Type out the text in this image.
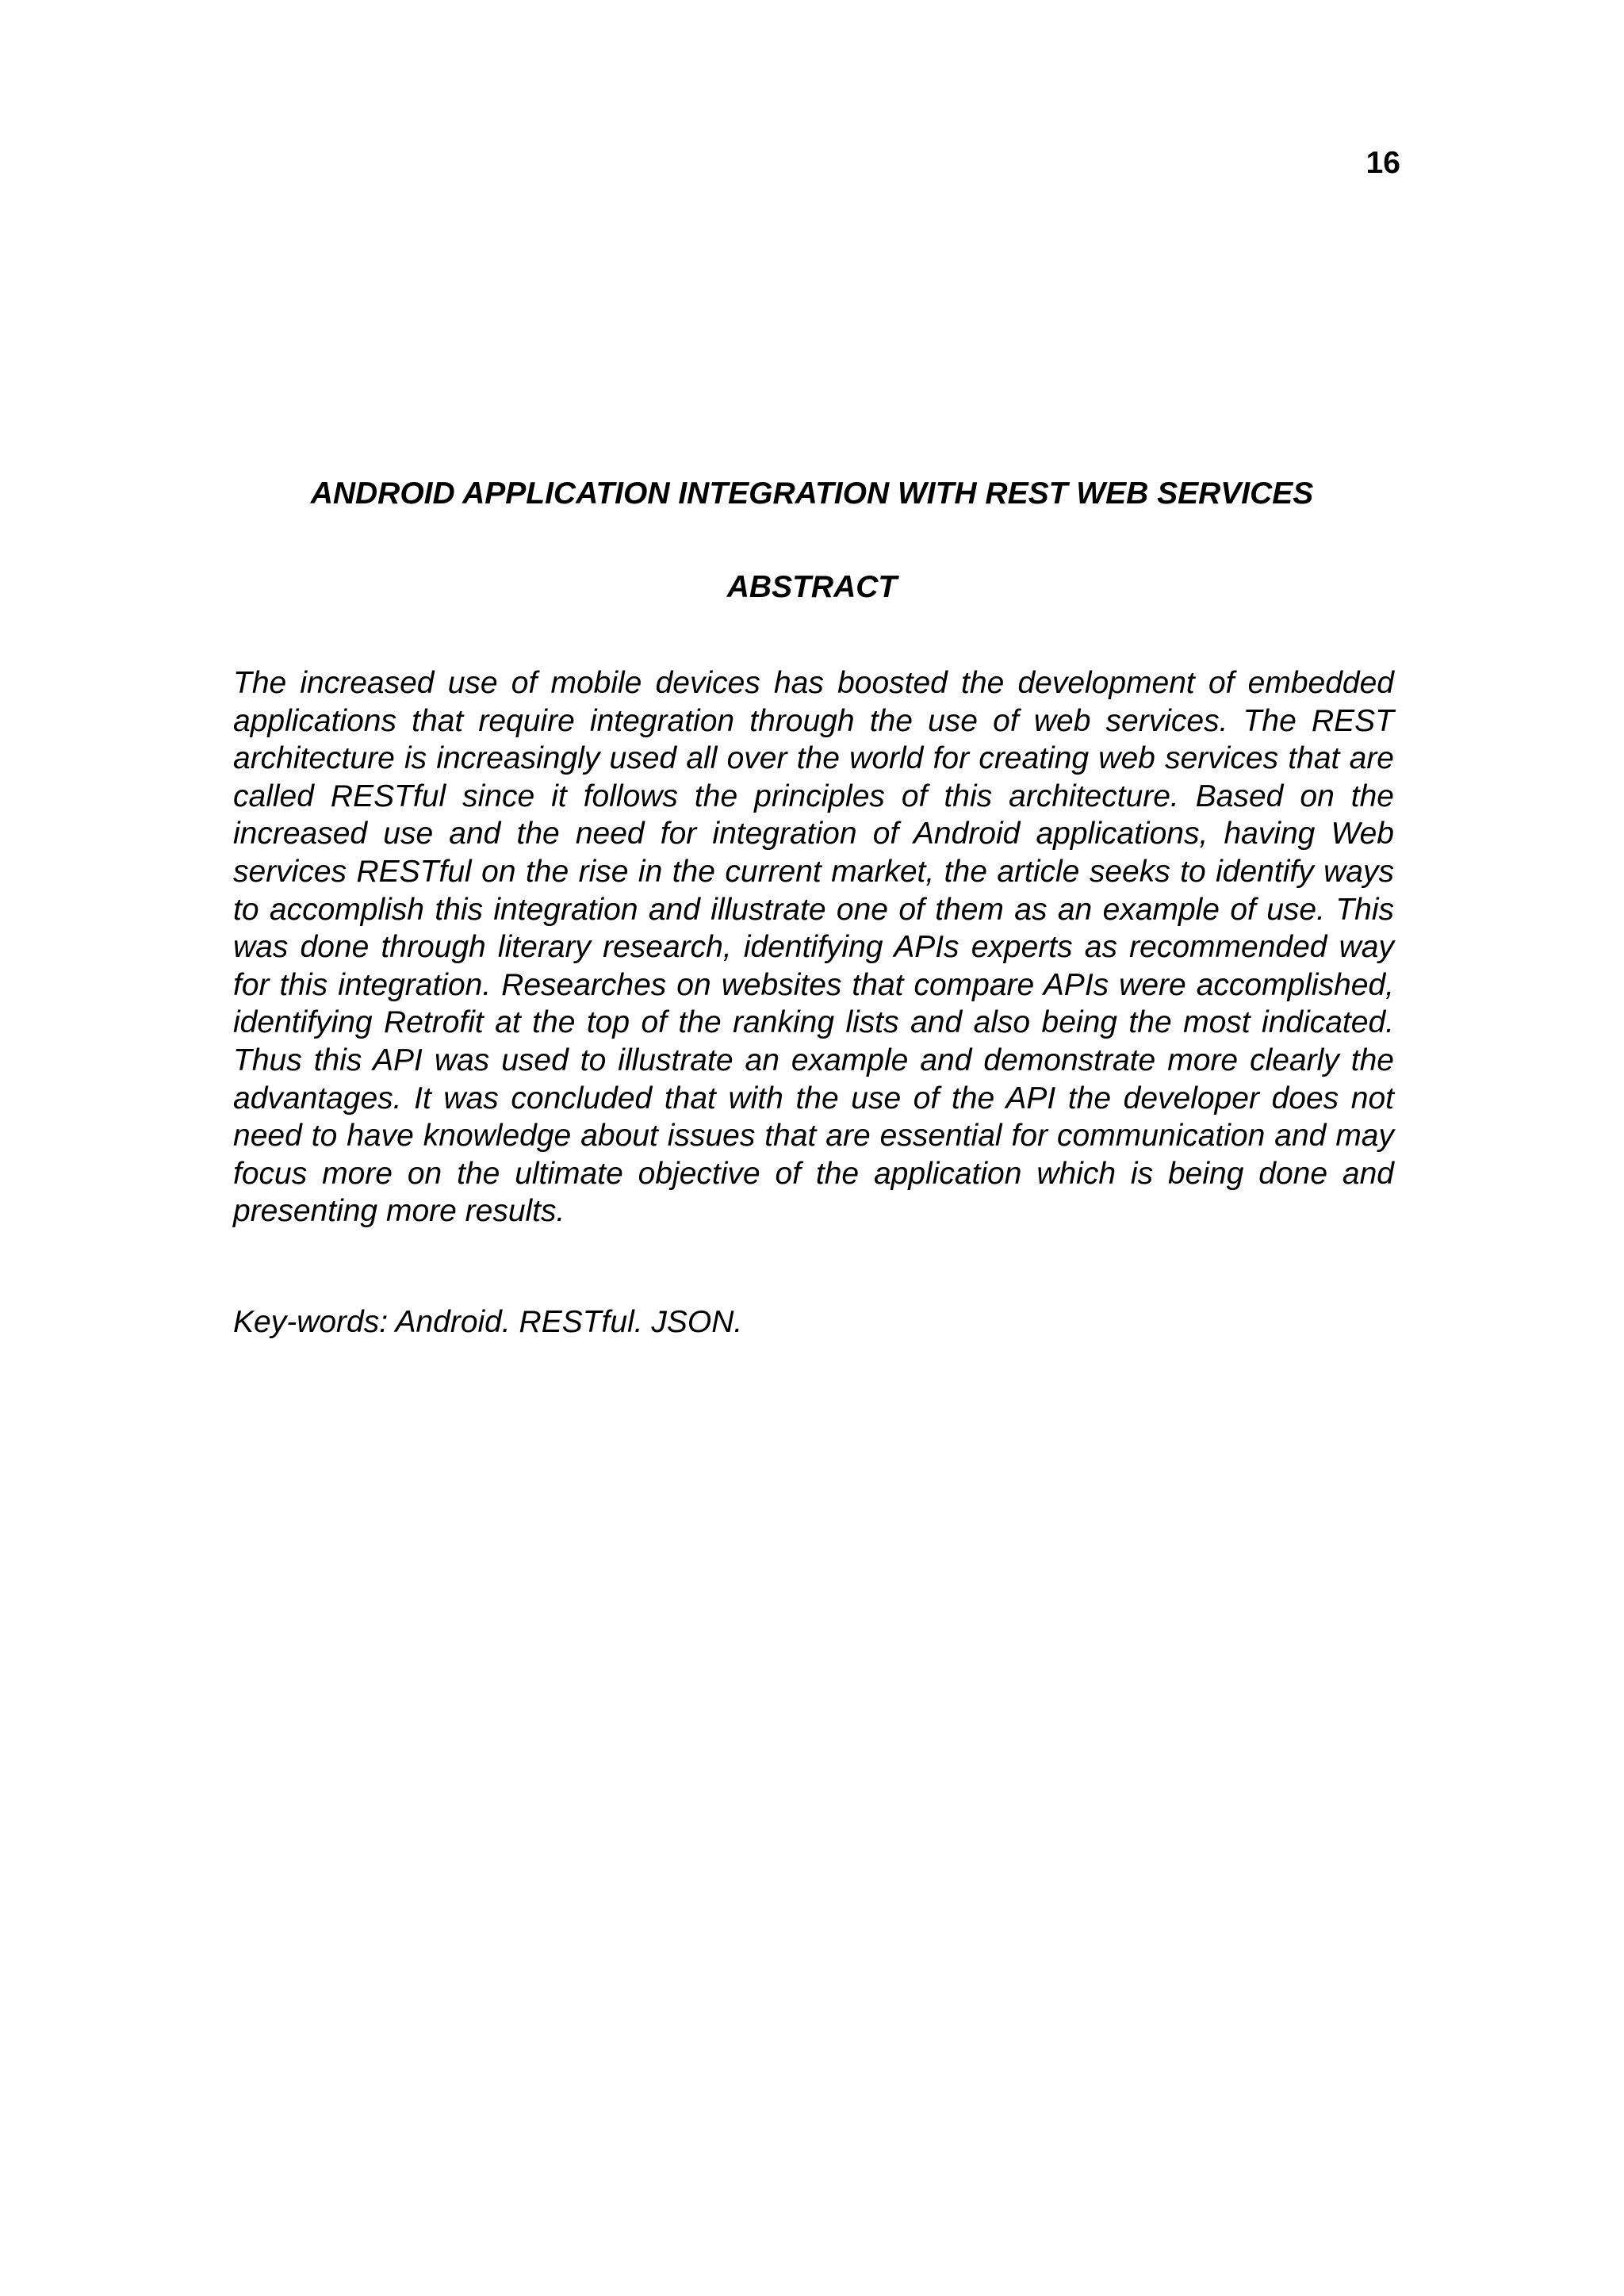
16
ANDROID APPLICATION INTEGRATION WITH REST WEB SERVICES
ABSTRACT

The increased use of mobile devices has boosted the development of embedded applications that require integration through the use of web services. The REST architecture is increasingly used all over the world for creating web services that are called RESTful since it follows the principles of this architecture. Based on the increased use and the need for integration of Android applications, having Web services RESTful on the rise in the current market, the article seeks to identify ways to accomplish this integration and illustrate one of them as an example of use. This was done through literary research, identifying APIs experts as recommended way for this integration. Researches on websites that compare APIs were accomplished, identifying Retrofit at the top of the ranking lists and also being the most indicated. Thus this API was used to illustrate an example and demonstrate more clearly the advantages. It was concluded that with the use of the API the developer does not need to have knowledge about issues that are essential for communication and may focus more on the ultimate objective of the application which is being done and presenting more results.

Key-words: Android. RESTful. JSON.
